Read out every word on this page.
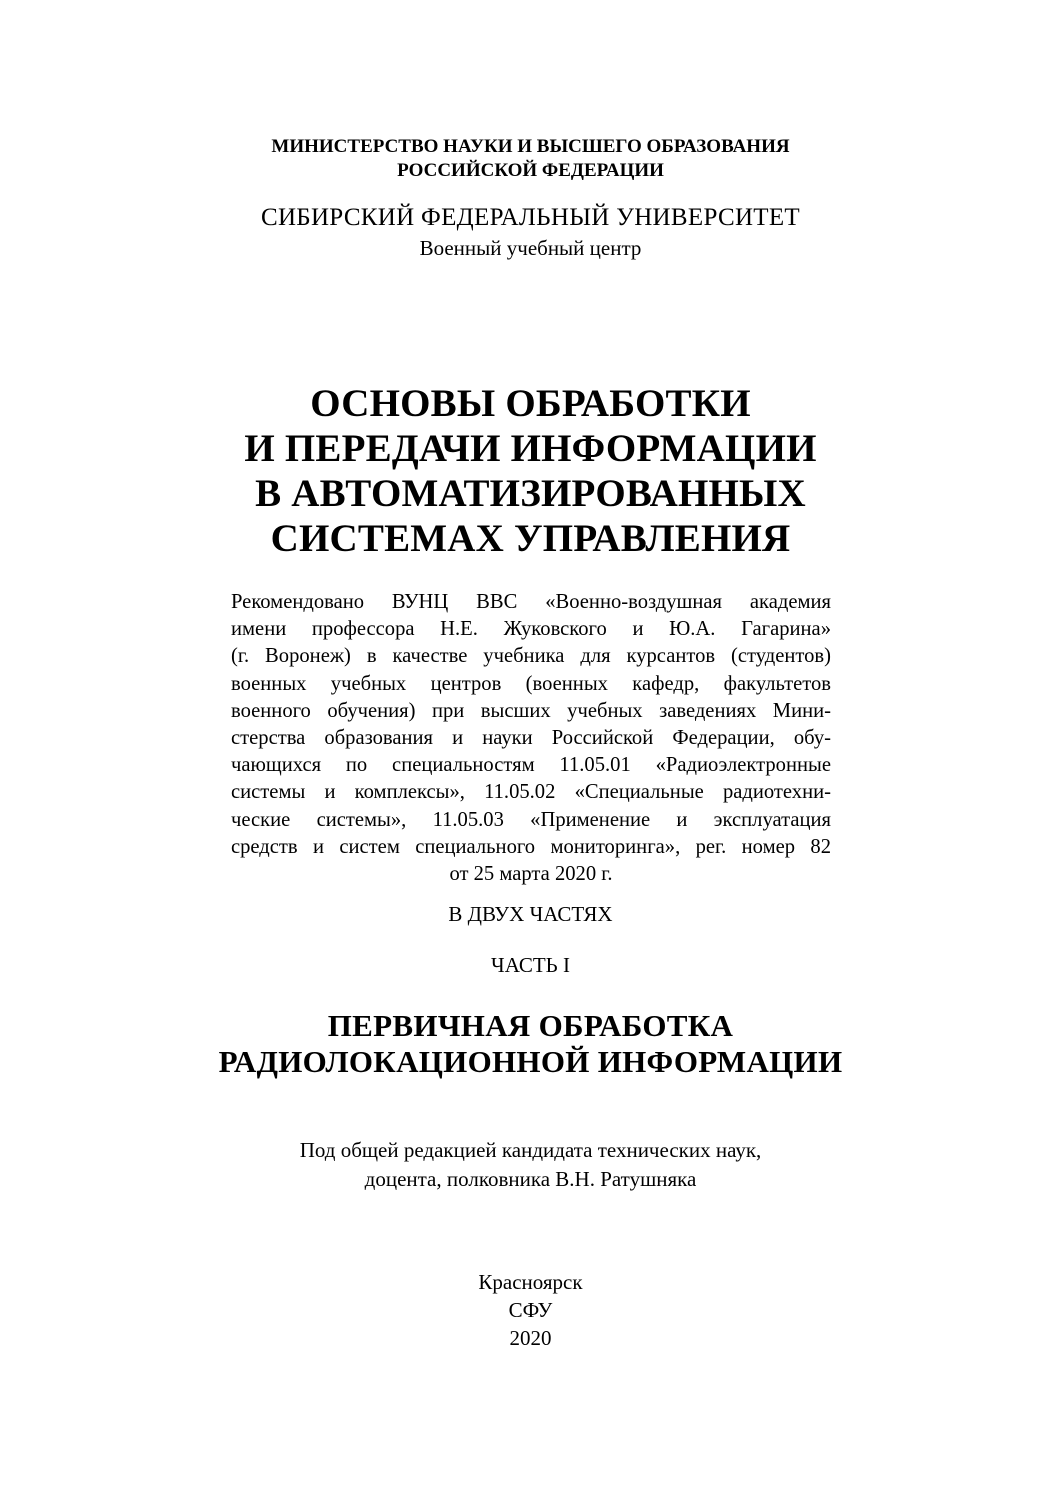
МИНИСТЕРСТВО НАУКИ И ВЫСШЕГО ОБРАЗОВАНИЯ
РОССИЙСКОЙ ФЕДЕРАЦИИ
СИБИРСКИЙ ФЕДЕРАЛЬНЫЙ УНИВЕРСИТЕТ
Военный учебный центр
ОСНОВЫ ОБРАБОТКИ
И ПЕРЕДАЧИ ИНФОРМАЦИИ
В АВТОМАТИЗИРОВАННЫХ
СИСТЕМАХ УПРАВЛЕНИЯ
Рекомендовано ВУНЦ ВВС «Военно-воздушная академия
имени профессора Н.Е. Жуковского и Ю.А. Гагарина»
(г. Воронеж) в качестве учебника для курсантов (студентов)
военных учебных центров (военных кафедр, факультетов
военного обучения) при высших учебных заведениях Мини-
стерства образования и науки Российской Федерации, обу-
чающихся по специальностям 11.05.01 «Радиоэлектронные
системы и комплексы», 11.05.02 «Специальные радиотехни-
ческие системы», 11.05.03 «Применение и эксплуатация
средств и систем специального мониторинга», рег. номер 82
от 25 марта 2020 г.
В ДВУХ ЧАСТЯХ
ЧАСТЬ I
ПЕРВИЧНАЯ ОБРАБОТКА
РАДИОЛОКАЦИОННОЙ ИНФОРМАЦИИ
Под общей редакцией кандидата технических наук,
доцента, полковника В.Н. Ратушняка
Красноярск
СФУ
2020
